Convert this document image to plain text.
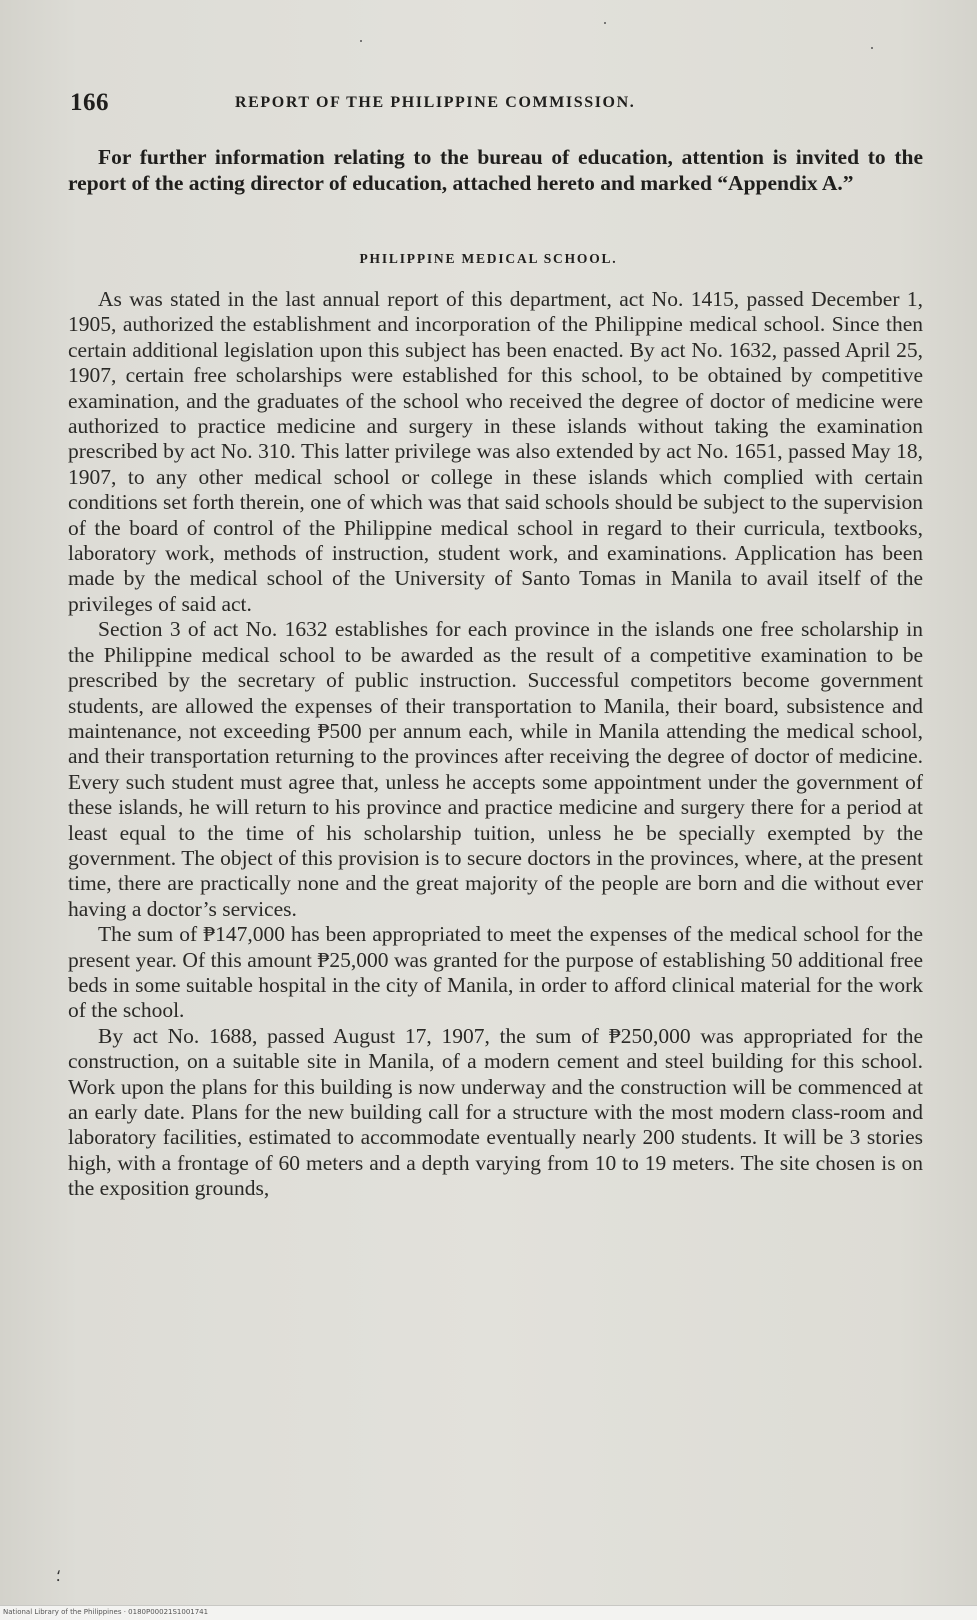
166	REPORT OF THE PHILIPPINE COMMISSION.

For further information relating to the bureau of education, attention is invited to the report of the acting director of education, attached hereto and marked “Appendix A.”

PHILIPPINE MEDICAL SCHOOL.

As was stated in the last annual report of this department, act No. 1415, passed December 1, 1905, authorized the establishment and incorporation of the Philippine medical school. Since then certain additional legislation upon this subject has been enacted. By act No. 1632, passed April 25, 1907, certain free scholarships were established for this school, to be obtained by competitive examination, and the graduates of the school who received the degree of doctor of medicine were authorized to practice medicine and surgery in these islands without taking the examination prescribed by act No. 310. This latter privilege was also extended by act No. 1651, passed May 18, 1907, to any other medical school or college in these islands which complied with certain conditions set forth therein, one of which was that said schools should be subject to the supervision of the board of control of the Philippine medical school in regard to their curricula, textbooks, laboratory work, methods of instruction, student work, and examinations. Application has been made by the medical school of the University of Santo Tomas in Manila to avail itself of the privileges of said act.

Section 3 of act No. 1632 establishes for each province in the islands one free scholarship in the Philippine medical school to be awarded as the result of a competitive examination to be prescribed by the secretary of public instruction. Successful competitors become government students, are allowed the expenses of their transportation to Manila, their board, subsistence and maintenance, not exceeding ₱500 per annum each, while in Manila attending the medical school, and their transportation returning to the provinces after receiving the degree of doctor of medicine. Every such student must agree that, unless he accepts some appointment under the government of these islands, he will return to his province and practice medicine and surgery there for a period at least equal to the time of his scholarship tuition, unless he be specially exempted by the government. The object of this provision is to secure doctors in the provinces, where, at the present time, there are practically none and the great majority of the people are born and die without ever having a doctor’s services.

The sum of ₱147,000 has been appropriated to meet the expenses of the medical school for the present year. Of this amount ₱25,000 was granted for the purpose of establishing 50 additional free beds in some suitable hospital in the city of Manila, in order to afford clinical material for the work of the school.

By act No. 1688, passed August 17, 1907, the sum of ₱250,000 was appropriated for the construction, on a suitable site in Manila, of a modern cement and steel building for this school. Work upon the plans for this building is now underway and the construction will be commenced at an early date. Plans for the new building call for a structure with the most modern class-room and laboratory facilities, estimated to accommodate eventually nearly 200 students. It will be 3 stories high, with a frontage of 60 meters and a depth varying from 10 to 19 meters. The site chosen is on the exposition grounds,

⸵
National Library of the Philippines · 0180P00021S1001741
